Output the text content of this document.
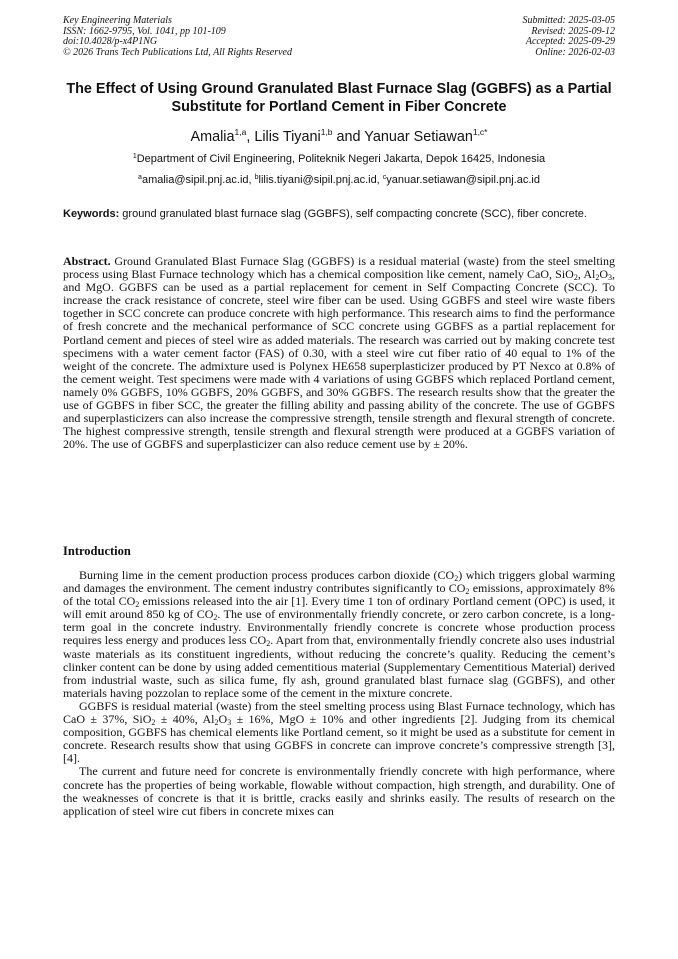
Key Engineering Materials
ISSN: 1662-9795, Vol. 1041, pp 101-109
doi:10.4028/p-x4P1NG
© 2026 Trans Tech Publications Ltd, All Rights Reserved
Submitted: 2025-03-05
Revised: 2025-09-12
Accepted: 2025-09-29
Online: 2026-02-03
The Effect of Using Ground Granulated Blast Furnace Slag (GGBFS) as a Partial Substitute for Portland Cement in Fiber Concrete
Amalia$^{1,a}$, Lilis Tiyani$^{1,b}$ and Yanuar Setiawan$^{1,c*}$
$^1$Department of Civil Engineering, Politeknik Negeri Jakarta, Depok 16425, Indonesia
$^a$amalia@sipil.pnj.ac.id, $^b$lilis.tiyani@sipil.pnj.ac.id, $^c$yanuar.setiawan@sipil.pnj.ac.id
Keywords: ground granulated blast furnace slag (GGBFS), self compacting concrete (SCC), fiber concrete.

Abstract. Ground Granulated Blast Furnace Slag (GGBFS) is a residual material (waste) from the steel smelting process using Blast Furnace technology which has a chemical composition like cement, namely CaO, SiO$_2$, $Al_2O_3$, and MgO. GGBFS can be used as a partial replacement for cement in Self Compacting Concrete (SCC). To increase the crack resistance of concrete, steel wire fiber can be used. Using GGBFS and steel wire waste fibers together in SCC concrete can produce concrete with high performance. This research aims to find the performance of fresh concrete and the mechanical performance of SCC concrete using GGBFS as a partial replacement for Portland cement and pieces of steel wire as added materials. The research was carried out by making concrete test specimens with a water cement factor (FAS) of 0.30, with a steel wire cut fiber ratio of 40 equal to 1% of the weight of the concrete. The admixture used is Polynex HE658 superplasticizer produced by PT Nexco at 0.8% of the cement weight. Test specimens were made with 4 variations of using GGBFS which replaced Portland cement, namely 0% GGBFS, 10% GGBFS, 20% GGBFS, and 30% GGBFS. The research results show that the greater the use of GGBFS in fiber SCC, the greater the filling ability and passing ability of the concrete. The use of GGBFS and superplasticizers can also increase the compressive strength, tensile strength and flexural strength of concrete. The highest compressive strength, tensile strength and flexural strength were produced at a GGBFS variation of 20%. The use of GGBFS and superplasticizer can also reduce cement use by ± 20%.

Introduction

Burning lime in the cement production process produces carbon dioxide $(CO_2)$ which triggers global warming and damages the environment. The cement industry contributes significantly to $CO_2$ emissions, approximately 8% of the total $CO_2$ emissions released into the air [1]. Every time 1 ton of ordinary Portland cement (OPC) is used, it will emit around 850 kg of $CO_2$. The use of environmentally friendly concrete, or zero carbon concrete, is a long-term goal in the concrete industry. Environmentally friendly concrete is concrete whose production process requires less energy and produces less $CO_2$. Apart from that, environmentally friendly concrete also uses industrial waste materials as its constituent ingredients, without reducing the concrete’s quality. Reducing the cement’s clinker content can be done by using added cementitious material (Supplementary Cementitious Material) derived from industrial waste, such as silica fume, fly ash, ground granulated blast furnace slag (GGBFS), and other materials having pozzolan to replace some of the cement in the mixture concrete.

GGBFS is residual material (waste) from the steel smelting process using Blast Furnace technology, which has CaO ± 37%, SiO$_2$ ± 40%, $Al_2O_3 \pm 16\%$, MgO ± 10% and other ingredients [2]. Judging from its chemical composition, GGBFS has chemical elements like Portland cement, so it might be used as a substitute for cement in concrete. Research results show that using GGBFS in concrete can improve concrete’s compressive strength [3], [4].

The current and future need for concrete is environmentally friendly concrete with high performance, where concrete has the properties of being workable, flowable without compaction, high strength, and durability. One of the weaknesses of concrete is that it is brittle, cracks easily and shrinks easily. The results of research on the application of steel wire cut fibers in concrete mixes can
